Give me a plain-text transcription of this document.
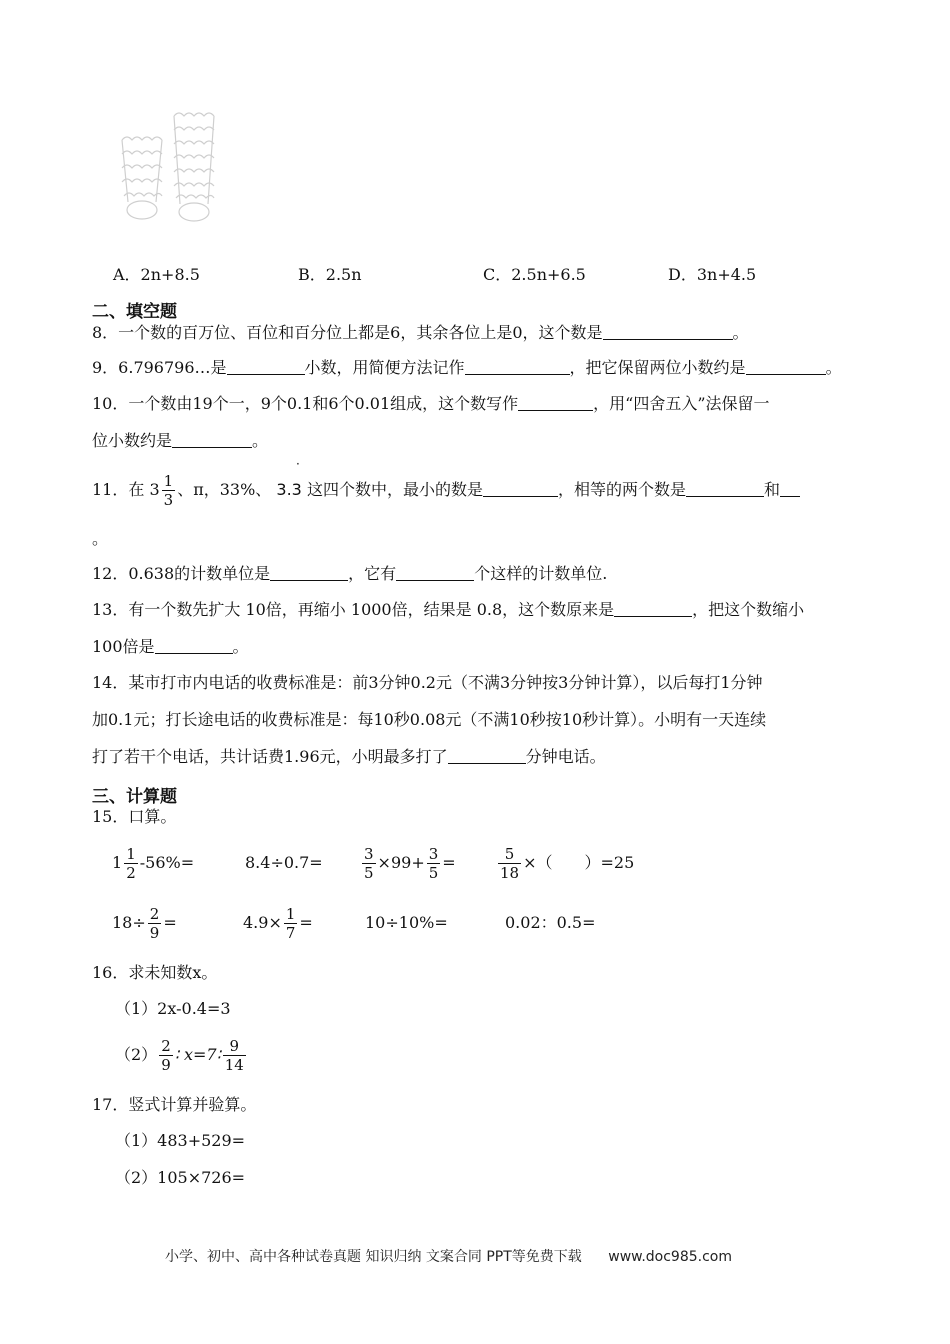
A．2n+8.5	B．2.5n	C．2.5n+6.5	D．3n+4.5
二、填空题
8．一个数的百万位、百位和百分位上都是6，其余各位上是0，这个数是	。
9．6.796796…是	小数，用简便方法记作	，把它保留两位小数约是	。
10．一个数由19个一，9个0.1和6个0.01组成，这个数写作	，用“四舍五入”法保留一
位小数约是	。
11．在 $3 \frac{1}{3}$ 、π，33%、
·
3.3 这四个数中，最小的数是	，相等的两个数是	和
。
12．0.638的计数单位是	，它有	个这样的计数单位.
13．有一个数先扩大 10倍，再缩小 1000倍，结果是 0.8，这个数原来是	，把这个数缩小
100倍是	。
14．某市打市内电话的收费标准是：前3分钟0.2元（不满3分钟按3分钟计算），以后每打1分钟
加0.1元；打长途电话的收费标准是：每10秒0.08元（不满10秒按10秒计算）。小明有一天连续
打了若干个电话，共计话费1.96元，小明最多打了	分钟电话。
三、计算题
15．口算。
$1 \frac{1}{2} -56\%=$	8.4÷0.7=	$\frac{3}{5} \times 99+ \frac{3}{5}$ =	$\frac{5}{18}$ ×（　　）=25
$18\div \frac{2}{9}$ =	$4.9\times \frac{1}{7}$ =	10÷10%=	0.02：0.5=
16．求未知数x。
（1）2x-0.4=3
$(2) \frac{2}{9}$ ∶ x=7∶ $\frac{9}{14}$
17．竖式计算并验算。
（1）483+529=
（2）105×726=
小学、初中、高中各种试卷真题 知识归纳 文案合同 PPT等免费下载 www.doc985.com
